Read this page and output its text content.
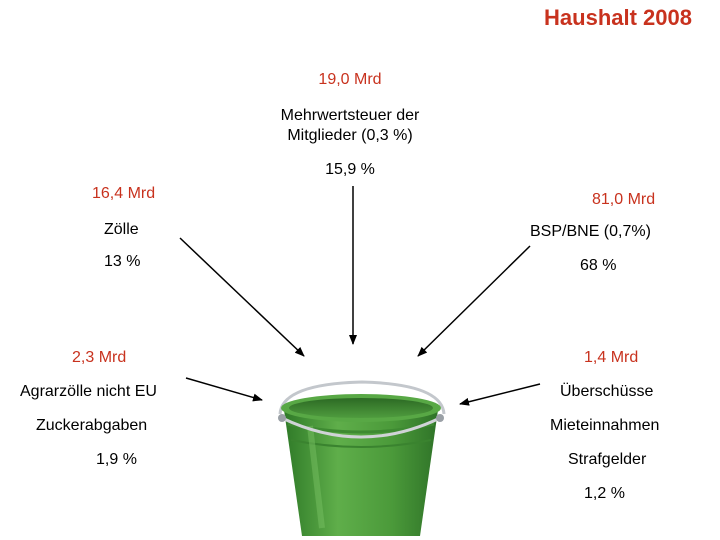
Haushalt 2008
19,0 Mrd
Mehrwertsteuer der
Mitglieder (0,3 %)
15,9 %
16,4 Mrd
Zölle
13 %
81,0 Mrd
BSP/BNE (0,7%)
68 %
2,3 Mrd
Agrarzölle nicht EU
Zuckerabgaben
1,9 %
1,4 Mrd
Überschüsse
Mieteinnahmen
Strafgelder
1,2 %
